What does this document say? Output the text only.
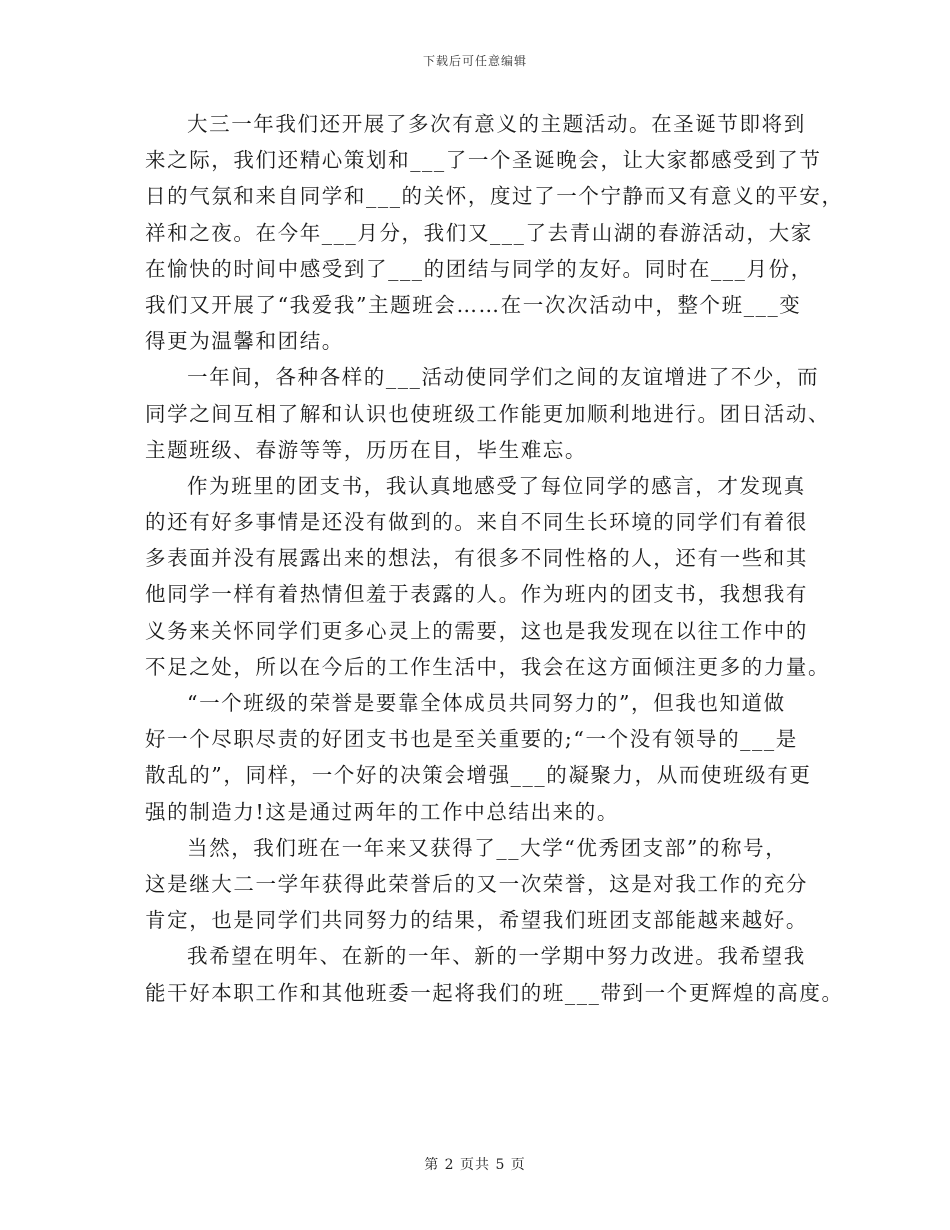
下载后可任意编辑
大三一年我们还开展了多次有意义的主题活动。在圣诞节即将到
来之际，我们还精心策划和___了一个圣诞晚会，让大家都感受到了节
日的气氛和来自同学和___的关怀，度过了一个宁静而又有意义的平安，
祥和之夜。在今年___月分，我们又___了去青山湖的春游活动，大家
在愉快的时间中感受到了___的团结与同学的友好。同时在___月份，
我们又开展了“我爱我”主题班会……在一次次活动中，整个班___变
得更为温馨和团结。
一年间，各种各样的___活动使同学们之间的友谊增进了不少，而
同学之间互相了解和认识也使班级工作能更加顺利地进行。团日活动、
主题班级、春游等等，历历在目，毕生难忘。
作为班里的团支书，我认真地感受了每位同学的感言，才发现真
的还有好多事情是还没有做到的。来自不同生长环境的同学们有着很
多表面并没有展露出来的想法，有很多不同性格的人，还有一些和其
他同学一样有着热情但羞于表露的人。作为班内的团支书，我想我有
义务来关怀同学们更多心灵上的需要，这也是我发现在以往工作中的
不足之处，所以在今后的工作生活中，我会在这方面倾注更多的力量。
“一个班级的荣誉是要靠全体成员共同努力的”，但我也知道做
好一个尽职尽责的好团支书也是至关重要的;“一个没有领导的___是
散乱的”，同样，一个好的决策会增强___的凝聚力，从而使班级有更
强的制造力!这是通过两年的工作中总结出来的。
当然，我们班在一年来又获得了__大学“优秀团支部”的称号，
这是继大二一学年获得此荣誉后的又一次荣誉，这是对我工作的充分
肯定，也是同学们共同努力的结果，希望我们班团支部能越来越好。
我希望在明年、在新的一年、新的一学期中努力改进。我希望我
能干好本职工作和其他班委一起将我们的班___带到一个更辉煌的高度。
第 2 页共 5 页
